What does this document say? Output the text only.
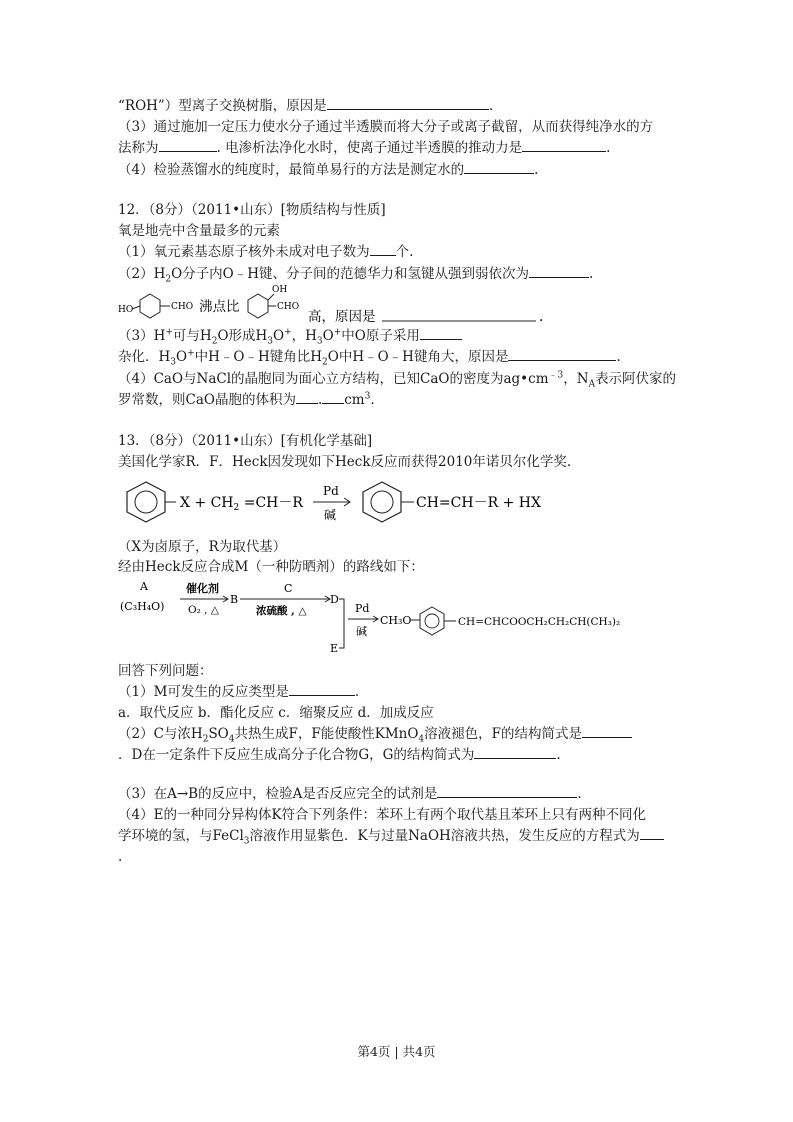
“ROH”）型离子交换树脂，原因是	.
（3）通过施加一定压力使水分子通过半透膜而将大分子或离子截留，从而获得纯净水的方
法称为	. 电渗析法净化水时，使离子通过半透膜的推动力是	.
（4）检验蒸馏水的纯度时，最简单易行的方法是测定水的	.
12．（8分）（2011•山东）[物质结构与性质]
氧是地壳中含量最多的元素
（1）氧元素基态原子核外未成对电子数为 个.
$(2)H_2O$分子内O﹣H键、分子间的范德华力和氢键从强到弱依次为	.
HO	CHO 沸点比
OH
CHO
高，原因是	.
（3）H+可与$H_2O$形成$H_3O^+$，$H_3O^+$中O原子采用
杂化．$H_3O^+$中H﹣O﹣H键角比$H_2O$中H﹣O﹣H键角大，原因是	.
（4）CaO与NaCl的晶胞同为面心立方结构，已知CaO的密度为$ag•cm^{﹣3}$，$N_A$表示阿伏家的
罗常数，则CaO晶胞的体积为 . $cm^3$.
13．（8分）（2011•山东）[有机化学基础]
美国化学家R．F．Heck因发现如下Heck反应而获得2010年诺贝尔化学奖.
$X + CH_2 =CH-R$
Pd
碱
CH=CH－R + HX
（X为卤原子，R为取代基）
经由Heck反应合成M（一种防晒剂）的路线如下：
A
(C₃H₄O)
催化剂
O₂ , △
B
C
浓硫酸 , △
D
E
Pd
碱
CH₃O	CH=CHCOOCH₂CH₂CH(CH₃)₂
回答下列问题：
（1）M可发生的反应类型是	.
a．取代反应 b．酯化反应 c．缩聚反应 d．加成反应
（2）C与浓$H_2SO_4$共热生成F，F能使酸性KMnO$_4$溶液褪色，F的结构简式是
．D在一定条件下反应生成高分子化合物G，G的结构简式为	.
（3）在A→B的反应中，检验A是否反应完全的试剂是	.
（4）E的一种同分异构体K符合下列条件：苯环上有两个取代基且苯环上只有两种不同化
学环境的氢，与FeCl$_3$溶液作用显紫色．K与过量NaOH溶液共热，发生反应的方程式为
.
第4页 | 共4页
